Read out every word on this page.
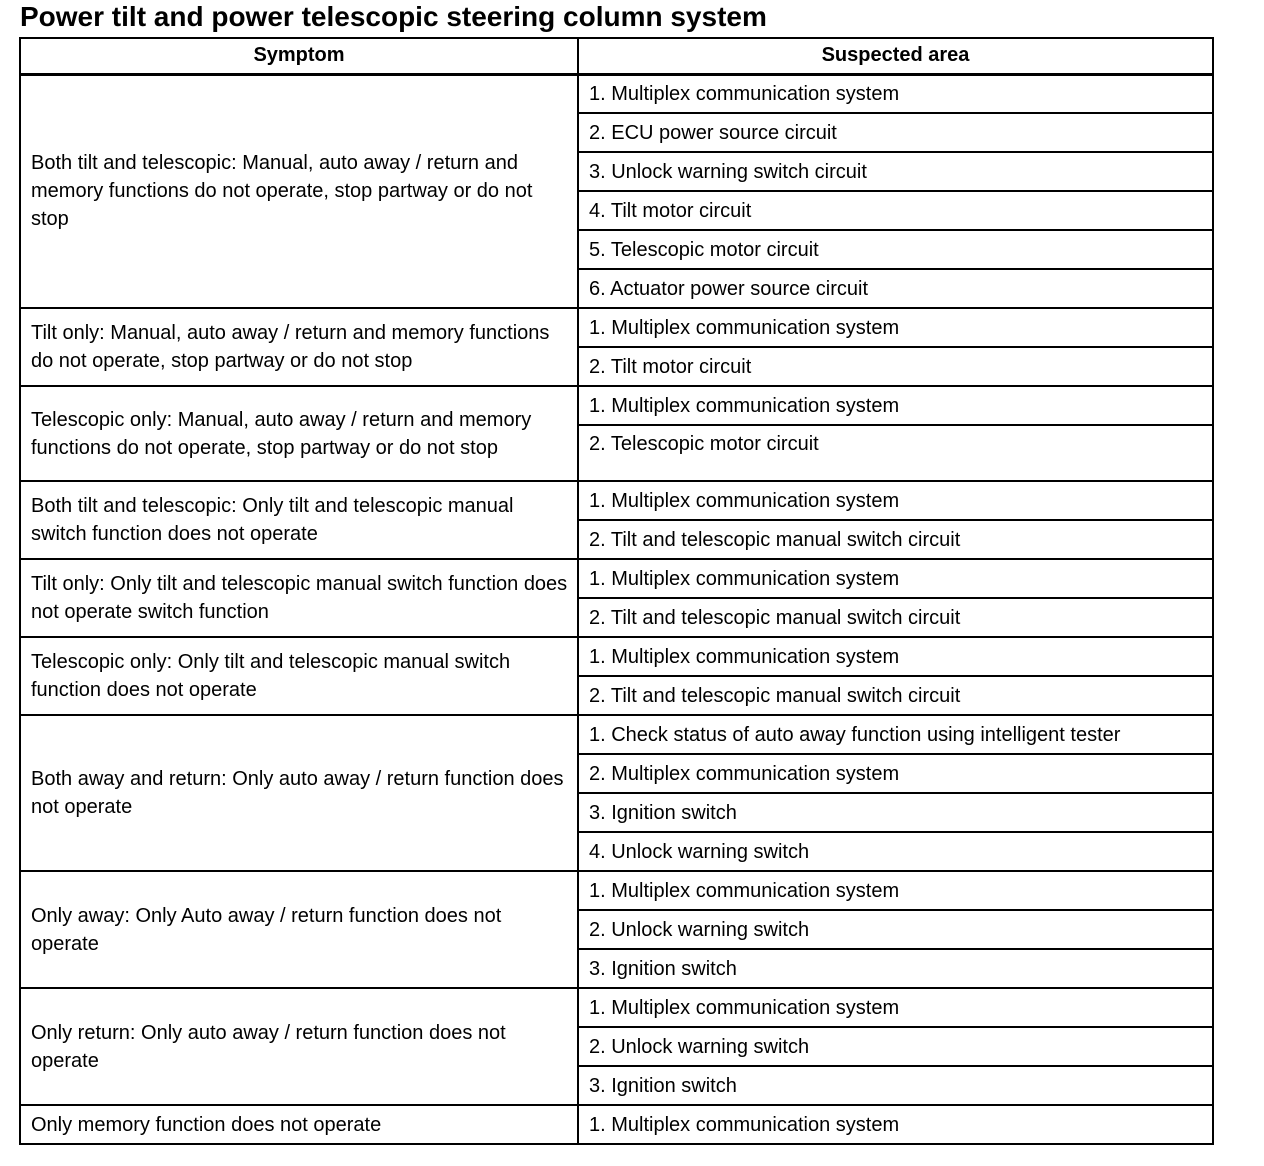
Power tilt and power telescopic steering column system
Symptom	Suspected area
Both tilt and telescopic: Manual, auto away / return and memory functions do not operate, stop partway or do not stop	1. Multiplex communication system
	2. ECU power source circuit
	3. Unlock warning switch circuit
	4. Tilt motor circuit
	5. Telescopic motor circuit
	6. Actuator power source circuit
Tilt only: Manual, auto away / return and memory functions do not operate, stop partway or do not stop	1. Multiplex communication system
	2. Tilt motor circuit
Telescopic only: Manual, auto away / return and memory functions do not operate, stop partway or do not stop	1. Multiplex communication system
	2. Telescopic motor circuit
Both tilt and telescopic: Only tilt and telescopic manual switch function does not operate	1. Multiplex communication system
	2. Tilt and telescopic manual switch circuit
Tilt only: Only tilt and telescopic manual switch function does not operate switch function	1. Multiplex communication system
	2. Tilt and telescopic manual switch circuit
Telescopic only: Only tilt and telescopic manual switch function does not operate	1. Multiplex communication system
	2. Tilt and telescopic manual switch circuit
Both away and return: Only auto away / return function does not operate	1. Check status of auto away function using intelligent tester
	2. Multiplex communication system
	3. Ignition switch
	4. Unlock warning switch
Only away: Only Auto away / return function does not operate	1. Multiplex communication system
	2. Unlock warning switch
	3. Ignition switch
Only return: Only auto away / return function does not operate	1. Multiplex communication system
	2. Unlock warning switch
	3. Ignition switch
Only memory function does not operate	1. Multiplex communication system
